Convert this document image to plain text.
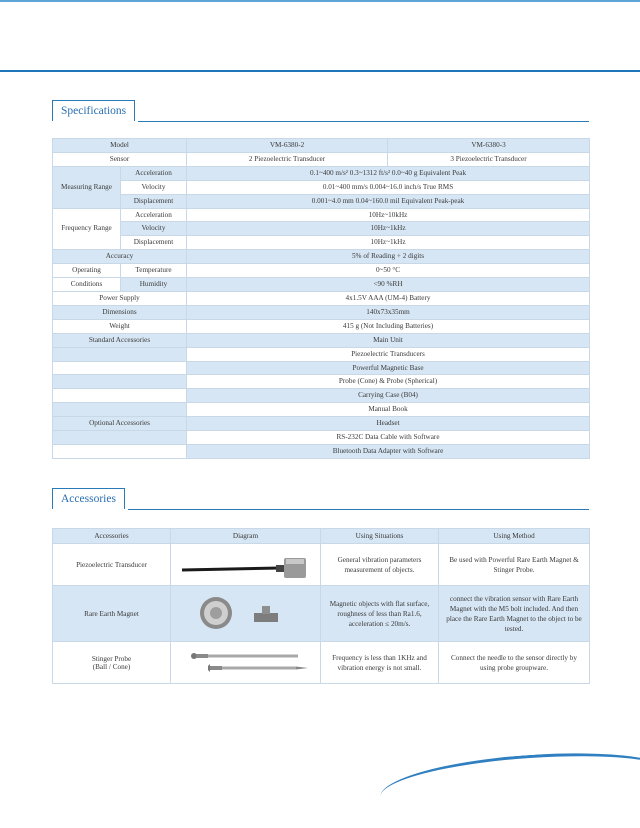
Specifications
Model		VM-6380-2	VM-6380-3
Sensor		2 Piezoelectric Transducer	3 Piezoelectric Transducer
Measuring Range	Acceleration	0.1~400 m/s² 0.3~1312 ft/s² 0.0~40 g Equivalent Peak	
	Velocity	0.01~400 mm/s 0.004~16.0 inch/s True RMS	
	Displacement	0.001~4.0 mm 0.04~160.0 mil Equivalent Peak-peak	
Frequency Range	Acceleration	10Hz~10kHz	
	Velocity	10Hz~1kHz	
	Displacement	10Hz~1kHz	
Accuracy		5% of Reading + 2 digits	
Operating	Temperature	0~50 °C	
Conditions	Humidity	<90 %RH	
Power Supply		4x1.5V AAA (UM-4) Battery	
Dimensions		140x73x35mm	
Weight		415 g (Not Including Batteries)	
Standard Accessories		Main Unit	
		Piezoelectric Transducers	
		Powerful Magnetic Base	
		Probe (Cone) & Probe (Spherical)	
		Carrying Case (B04)	
		Manual Book	
Optional Accessories		Headset	
		RS-232C Data Cable with Software	
		Bluetooth Data Adapter with Software	
Accessories
Accessories	Diagram	Using Situations	Using Method
Piezoelectric Transducer		General vibration parameters measurement of objects.	Be used with Powerful Rare Earth Magnet & Stinger Probe.
Rare Earth Magnet		Magnetic objects with flat surface, roughness of less than Ra1.6, acceleration ≤ 20m/s.	connect the vibration sensor with Rare Earth Magnet with the M5 bolt included. And then place the Rare Earth Magnet to the object to be tested.

Stinger Probe
(Ball / Cone)		Frequency is less than 1KHz and vibration energy is not small.	Connect the needle to the sensor directly by using probe groupware.
